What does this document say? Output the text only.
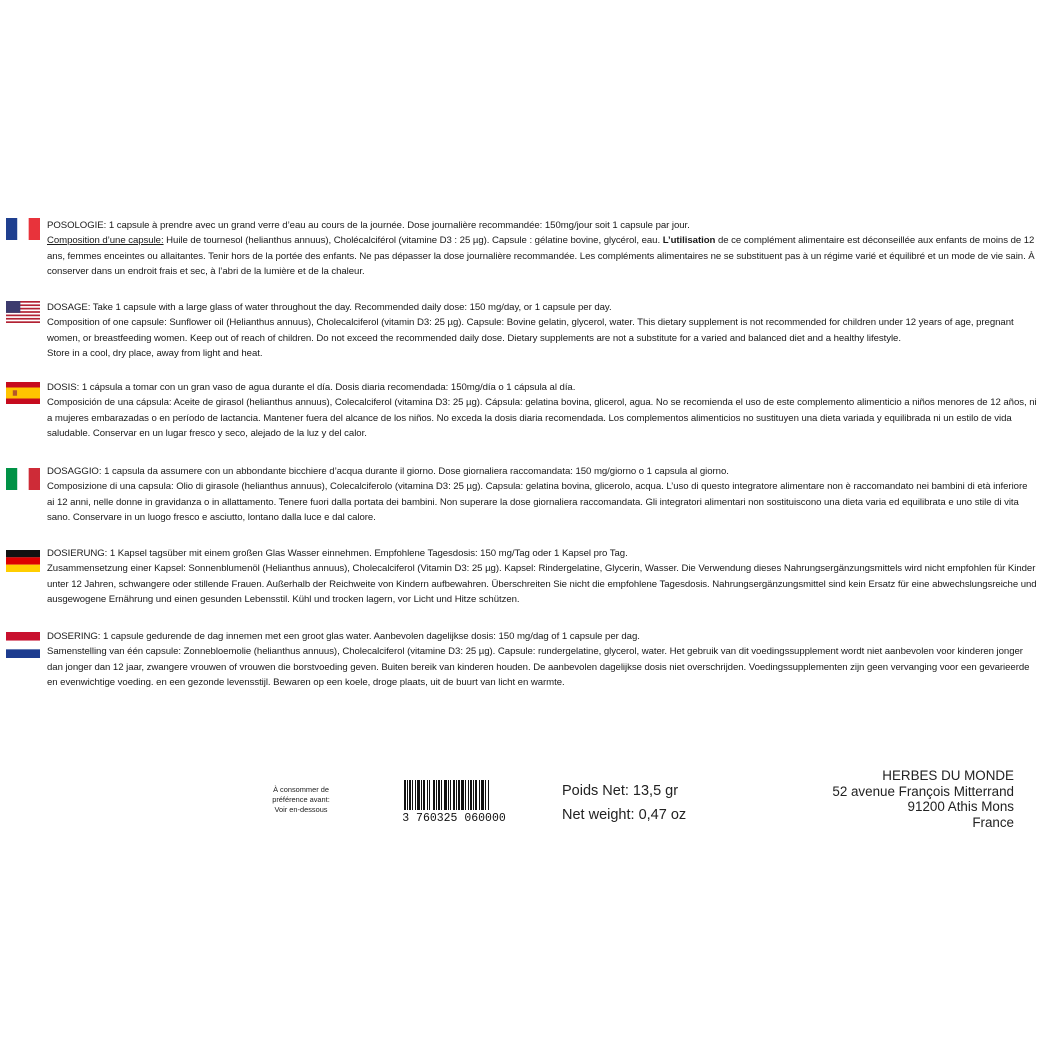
POSOLOGIE: 1 capsule à prendre avec un grand verre d’eau au cours de la journée. Dose journalière recommandée: 150mg/jour soit 1 capsule par jour.

Composition d’une capsule: Huile de tournesol (helianthus annuus), Cholécalciférol (vitamine D3 : 25 µg). Capsule : gélatine bovine, glycérol, eau. L’utilisation de ce complément alimentaire est déconseillée aux enfants de moins de 12 ans, femmes enceintes ou allaitantes. Tenir hors de la portée des enfants. Ne pas dépasser la dose journalière recommandée. Les compléments alimentaires ne se substituent pas à un régime varié et équilibré et un mode de vie sain. À conserver dans un endroit frais et sec, à l’abri de la lumière et de la chaleur.

DOSAGE: Take 1 capsule with a large glass of water throughout the day. Recommended daily dose: 150 mg/day, or 1 capsule per day.

Composition of one capsule: Sunflower oil (Helianthus annuus), Cholecalciferol (vitamin D3: 25 µg). Capsule: Bovine gelatin, glycerol, water. This dietary supplement is not recommended for children under 12 years of age, pregnant women, or breastfeeding women. Keep out of reach of children. Do not exceed the recommended daily dose. Dietary supplements are not a substitute for a varied and balanced diet and a healthy lifestyle.

Store in a cool, dry place, away from light and heat.

DOSIS: 1 cápsula a tomar con un gran vaso de agua durante el día. Dosis diaria recomendada: 150mg/día o 1 cápsula al día.

Composición de una cápsula: Aceite de girasol (helianthus annuus), Colecalciferol (vitamina D3: 25 µg). Cápsula: gelatina bovina, glicerol, agua. No se recomienda el uso de este complemento alimenticio a niños menores de 12 años, ni a mujeres embarazadas o en período de lactancia. Mantener fuera del alcance de los niños. No exceda la dosis diaria recomendada. Los complementos alimenticios no sustituyen una dieta variada y equilibrada ni un estilo de vida saludable. Conservar en un lugar fresco y seco, alejado de la luz y del calor.

DOSAGGIO: 1 capsula da assumere con un abbondante bicchiere d’acqua durante il giorno. Dose giornaliera raccomandata: 150 mg/giorno o 1 capsula al giorno.

Composizione di una capsula: Olio di girasole (helianthus annuus), Colecalciferolo (vitamina D3: 25 µg). Capsula: gelatina bovina, glicerolo, acqua. L’uso di questo integratore alimentare non è raccomandato nei bambini di età inferiore ai 12 anni, nelle donne in gravidanza o in allattamento. Tenere fuori dalla portata dei bambini. Non superare la dose giornaliera raccomandata. Gli integratori alimentari non sostituiscono una dieta varia ed equilibrata e uno stile di vita sano. Conservare in un luogo fresco e asciutto, lontano dalla luce e dal calore.

DOSIERUNG: 1 Kapsel tagsüber mit einem großen Glas Wasser einnehmen. Empfohlene Tagesdosis: 150 mg/Tag oder 1 Kapsel pro Tag.

Zusammensetzung einer Kapsel: Sonnenblumenöl (Helianthus annuus), Cholecalciferol (Vitamin D3: 25 µg). Kapsel: Rindergelatine, Glycerin, Wasser. Die Verwendung dieses Nahrungsergänzungsmittels wird nicht empfohlen für Kinder unter 12 Jahren, schwangere oder stillende Frauen. Außerhalb der Reichweite von Kindern aufbewahren. Überschreiten Sie nicht die empfohlene Tagesdosis. Nahrungsergänzungsmittel sind kein Ersatz für eine abwechslungsreiche und ausgewogene Ernährung und einen gesunden Lebensstil. Kühl und trocken lagern, vor Licht und Hitze schützen.

DOSERING: 1 capsule gedurende de dag innemen met een groot glas water. Aanbevolen dagelijkse dosis: 150 mg/dag of 1 capsule per dag.

Samenstelling van één capsule: Zonnebloemolie (helianthus annuus), Cholecalciferol (vitamine D3: 25 µg). Capsule: rundergelatine, glycerol, water. Het gebruik van dit voedingssupplement wordt niet aanbevolen voor kinderen jonger dan jonger dan 12 jaar, zwangere vrouwen of vrouwen die borstvoeding geven. Buiten bereik van kinderen houden. De aanbevolen dagelijkse dosis niet overschrijden. Voedingssupplementen zijn geen vervanging voor een gevarieerde en evenwichtige voeding. en een gezonde levensstijl. Bewaren op een koele, droge plaats, uit de buurt van licht en warmte.

À consommer de
préférence avant:
Voir en-dessous
3 760325 060000
Poids Net: 13,5 gr
Net weight: 0,47 oz
HERBES DU MONDE
52 avenue François Mitterrand
91200 Athis Mons
France
